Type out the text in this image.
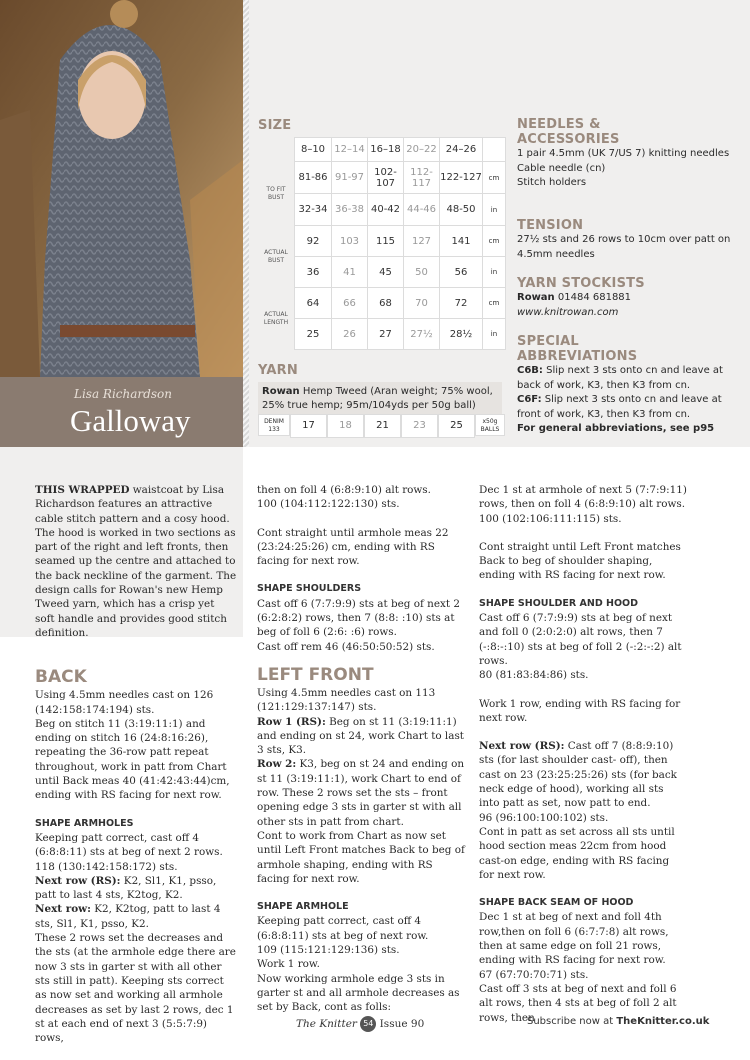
Lisa Richardson
Galloway
SIZE
	8–10	12–14	16–18	20–22	24–26	
TO FIT BUST	81-86	91-97	102-107	112-117	122-127	cm
	32-34	36-38	40-42	44-46	48-50	in
ACTUAL BUST	92	103	115	127	141	cm
	36	41	45	50	56	in
ACTUAL LENGTH	64	66	68	70	72	cm
	25	26	27	27½	28½	in
YARN
Rowan Hemp Tweed (Aran weight; 75% wool, 25% true hemp; 95m/104yds per 50g ball)
DENIM 133	17	18	21	23	25	x50g BALLS
NEEDLES & ACCESSORIES
1 pair 4.5mm (UK 7/US 7) knitting needles
Cable needle (cn)
Stitch holders
TENSION
27½ sts and 26 rows to 10cm over patt on 4.5mm needles
YARN STOCKISTS
Rowan 01484 681881
www.knitrowan.com
SPECIAL ABBREVIATIONS
C6B: Slip next 3 sts onto cn and leave at back of work, K3, then K3 from cn.
C6F: Slip next 3 sts onto cn and leave at front of work, K3, then K3 from cn.
For general abbreviations, see p95

THIS WRAPPED waistcoat by Lisa Richardson features an attractive cable stitch pattern and a cosy hood. The hood is worked in two sections as part of the right and left fronts, then seamed up the centre and attached to the back neckline of the garment. The design calls for Rowan's new Hemp Tweed yarn, which has a crisp yet soft handle and provides good stitch definition.

BACK

Using 4.5mm needles cast on 126 (142:158:174:194) sts.

Beg on stitch 11 (3:19:11:1) and ending on stitch 16 (24:8:16:26), repeating the 36-row patt repeat throughout, work in patt from Chart until Back meas 40 (41:42:43:44)cm, ending with RS facing for next row.

SHAPE ARMHOLES

Keeping patt correct, cast off 4 (6:8:8:11) sts at beg of next 2 rows.

118 (130:142:158:172) sts.

Next row (RS): K2, Sl1, K1, psso, patt to last 4 sts, K2tog, K2.

Next row: K2, K2tog, patt to last 4 sts, Sl1, K1, psso, K2.

These 2 rows set the decreases and the sts (at the armhole edge there are now 3 sts in garter st with all other sts still in patt). Keeping sts correct as now set and working all armhole decreases as set by last 2 rows, dec 1 st at each end of next 3 (5:5:7:9) rows,

then on foll 4 (6:8:9:10) alt rows.

100 (104:112:122:130) sts.

Cont straight until armhole meas 22 (23:24:25:26) cm, ending with RS facing for next row.

SHAPE SHOULDERS

Cast off 6 (7:7:9:9) sts at beg of next 2 (6:2:8:2) rows, then 7 (8:8: :10) sts at beg of foll 6 (2:6: :6) rows.

Cast off rem 46 (46:50:50:52) sts.

LEFT FRONT

Using 4.5mm needles cast on 113 (121:129:137:147) sts.

Row 1 (RS): Beg on st 11 (3:19:11:1) and ending on st 24, work Chart to last 3 sts, K3.

Row 2: K3, beg on st 24 and ending on st 11 (3:19:11:1), work Chart to end of row. These 2 rows set the sts – front opening edge 3 sts in garter st with all other sts in patt from chart.

Cont to work from Chart as now set until Left Front matches Back to beg of armhole shaping, ending with RS facing for next row.

SHAPE ARMHOLE

Keeping patt correct, cast off 4 (6:8:8:11) sts at beg of next row.

109 (115:121:129:136) sts.

Work 1 row.

Now working armhole edge 3 sts in garter st and all armhole decreases as set by Back, cont as folls:

Dec 1 st at armhole of next 5 (7:7:9:11) rows, then on foll 4 (6:8:9:10) alt rows.

100 (102:106:111:115) sts.

Cont straight until Left Front matches Back to beg of shoulder shaping, ending with RS facing for next row.

SHAPE SHOULDER AND HOOD

Cast off 6 (7:7:9:9) sts at beg of next and foll 0 (2:0:2:0) alt rows, then 7 (-:8:-:10) sts at beg of foll 2 (-:2:-:2) alt rows.

80 (81:83:84:86) sts.

Work 1 row, ending with RS facing for next row.

Next row (RS): Cast off 7 (8:8:9:10) sts (for last shoulder cast- off), then cast on 23 (23:25:25:26) sts (for back neck edge of hood), working all sts into patt as set, now patt to end.

96 (96:100:100:102) sts.

Cont in patt as set across all sts until hood section meas 22cm from hood cast-on edge, ending with RS facing for next row.

SHAPE BACK SEAM OF HOOD

Dec 1 st at beg of next and foll 4th row,then on foll 6 (6:7:7:8) alt rows, then at same edge on foll 21 rows, ending with RS facing for next row.

67 (67:70:70:71) sts.

Cast off 3 sts at beg of next and foll 6 alt rows, then 4 sts at beg of foll 2 alt rows, then

The Knitter 54 Issue 90	Subscribe now at TheKnitter.co.uk
